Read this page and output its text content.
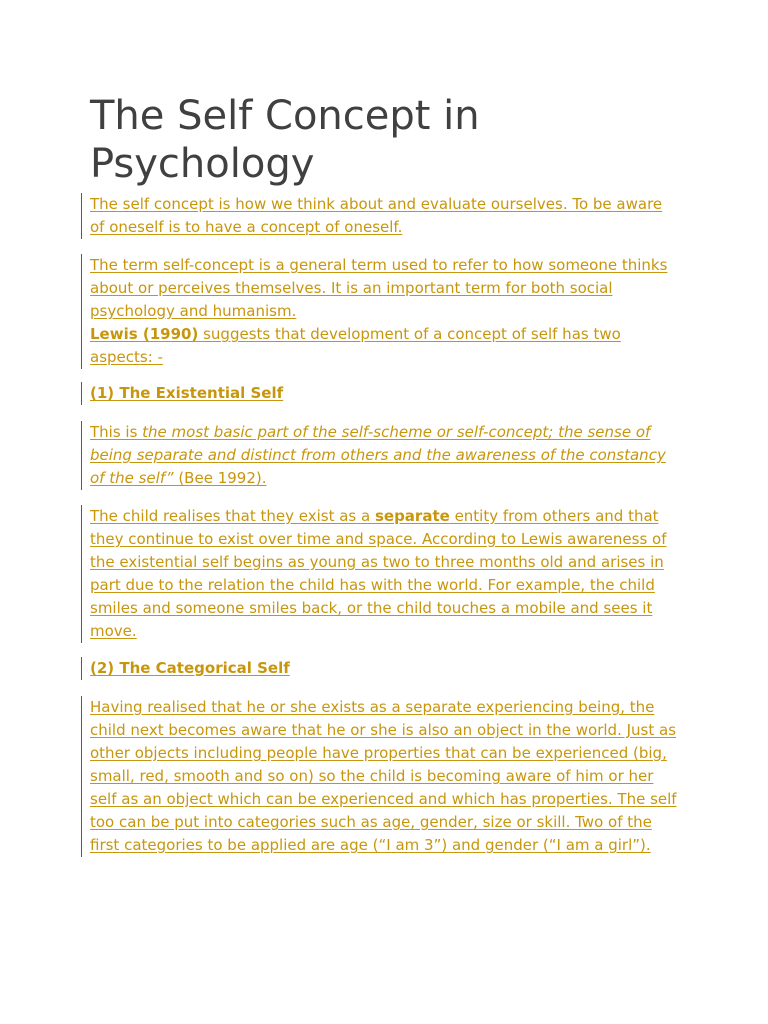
The Self Concept in Psychology

The self concept is how we think about and evaluate ourselves. To be aware of oneself is to have a concept of oneself.

The term self-concept is a general term used to refer to how someone thinks about or perceives themselves. It is an important term for both social psychology and humanism.
Lewis (1990) suggests that development of a concept of self has two aspects: -

(1) The Existential Self

This is the most basic part of the self-scheme or self-concept; the sense of being separate and distinct from others and the awareness of the constancy of the self” (Bee 1992).

The child realises that they exist as a separate entity from others and that they continue to exist over time and space. According to Lewis awareness of the existential self begins as young as two to three months old and arises in part due to the relation the child has with the world. For example, the child smiles and someone smiles back, or the child touches a mobile and sees it move.

(2) The Categorical Self

Having realised that he or she exists as a separate experiencing being, the child next becomes aware that he or she is also an object in the world. Just as other objects including people have properties that can be experienced (big, small, red, smooth and so on) so the child is becoming aware of him or her self as an object which can be experienced and which has properties. The self too can be put into categories such as age, gender, size or skill. Two of the first categories to be applied are age (“I am 3”) and gender (“I am a girl”).
